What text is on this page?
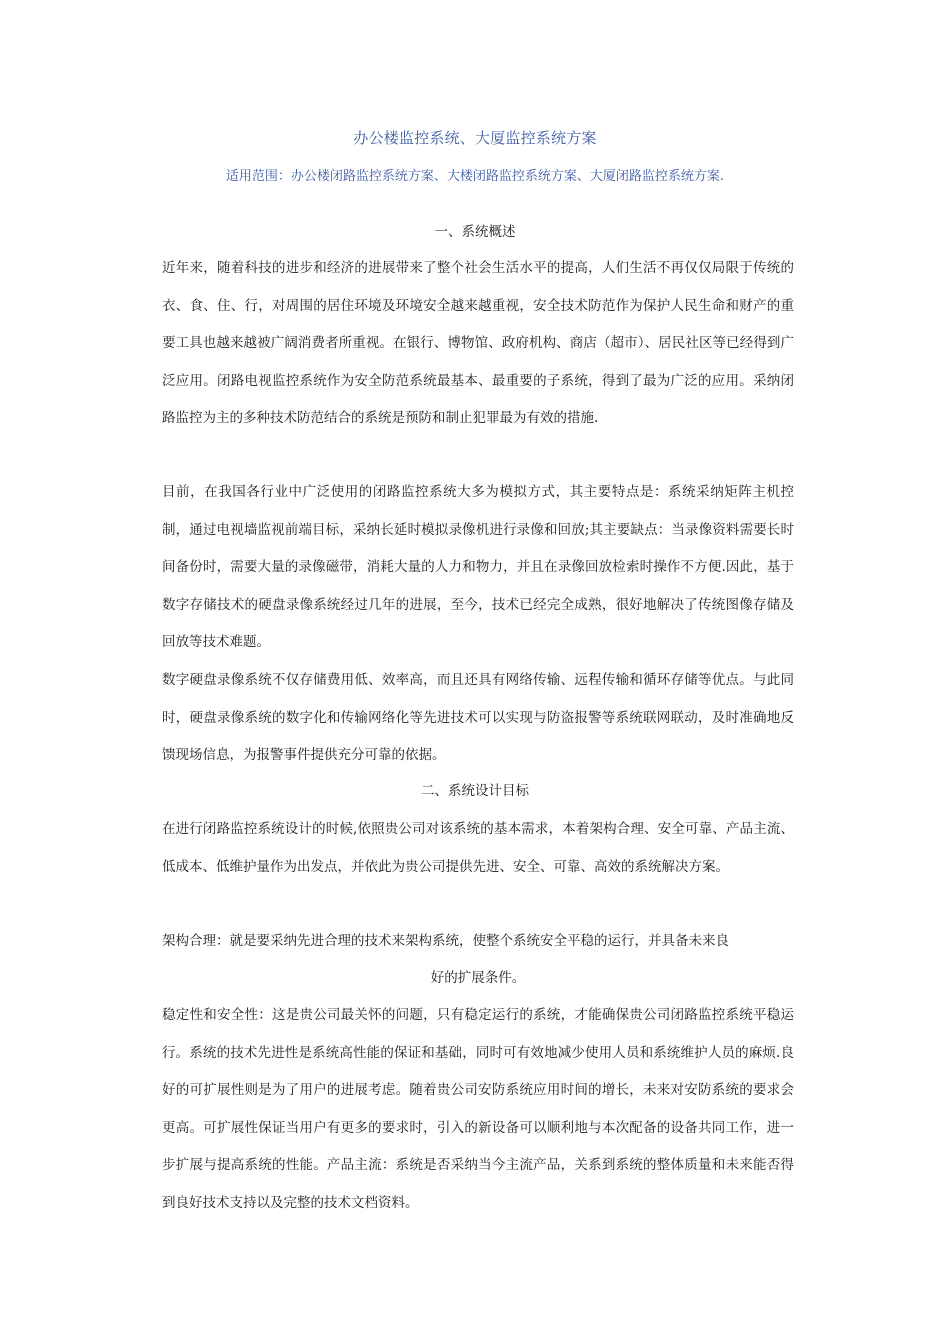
办公楼监控系统、大厦监控系统方案
适用范围：办公楼闭路监控系统方案、大楼闭路监控系统方案、大厦闭路监控系统方案.
一、系统概述

近年来，随着科技的进步和经济的进展带来了整个社会生活水平的提高，人们生活不再仅仅局限于传统的衣、食、住、行，对周围的居住环境及环境安全越来越重视，安全技术防范作为保护人民生命和财产的重要工具也越来越被广阔消费者所重视。在银行、博物馆、政府机构、商店（超市）、居民社区等已经得到广泛应用。闭路电视监控系统作为安全防范系统最基本、最重要的子系统，得到了最为广泛的应用。采纳闭路监控为主的多种技术防范结合的系统是预防和制止犯罪最为有效的措施.

目前，在我国各行业中广泛使用的闭路监控系统大多为模拟方式，其主要特点是：系统采纳矩阵主机控制，通过电视墙监视前端目标，采纳长延时模拟录像机进行录像和回放;其主要缺点：当录像资料需要长时间备份时，需要大量的录像磁带，消耗大量的人力和物力，并且在录像回放检索时操作不方便.因此，基于数字存储技术的硬盘录像系统经过几年的进展，至今，技术已经完全成熟，很好地解决了传统图像存储及回放等技术难题。

数字硬盘录像系统不仅存储费用低、效率高，而且还具有网络传输、远程传输和循环存储等优点。与此同时，硬盘录像系统的数字化和传输网络化等先进技术可以实现与防盗报警等系统联网联动，及时准确地反馈现场信息，为报警事件提供充分可靠的依据。

二、系统设计目标

在进行闭路监控系统设计的时候,依照贵公司对该系统的基本需求，本着架构合理、安全可靠、产品主流、低成本、低维护量作为出发点，并依此为贵公司提供先进、安全、可靠、高效的系统解决方案。

架构合理：就是要采纳先进合理的技术来架构系统，使整个系统安全平稳的运行，并具备未来良

好的扩展条件。

稳定性和安全性：这是贵公司最关怀的问题，只有稳定运行的系统，才能确保贵公司闭路监控系统平稳运行。系统的技术先进性是系统高性能的保证和基础，同时可有效地减少使用人员和系统维护人员的麻烦.良好的可扩展性则是为了用户的进展考虑。随着贵公司安防系统应用时间的增长，未来对安防系统的要求会更高。可扩展性保证当用户有更多的要求时，引入的新设备可以顺利地与本次配备的设备共同工作，进一步扩展与提高系统的性能。产品主流：系统是否采纳当今主流产品，关系到系统的整体质量和未来能否得到良好技术支持以及完整的技术文档资料。
